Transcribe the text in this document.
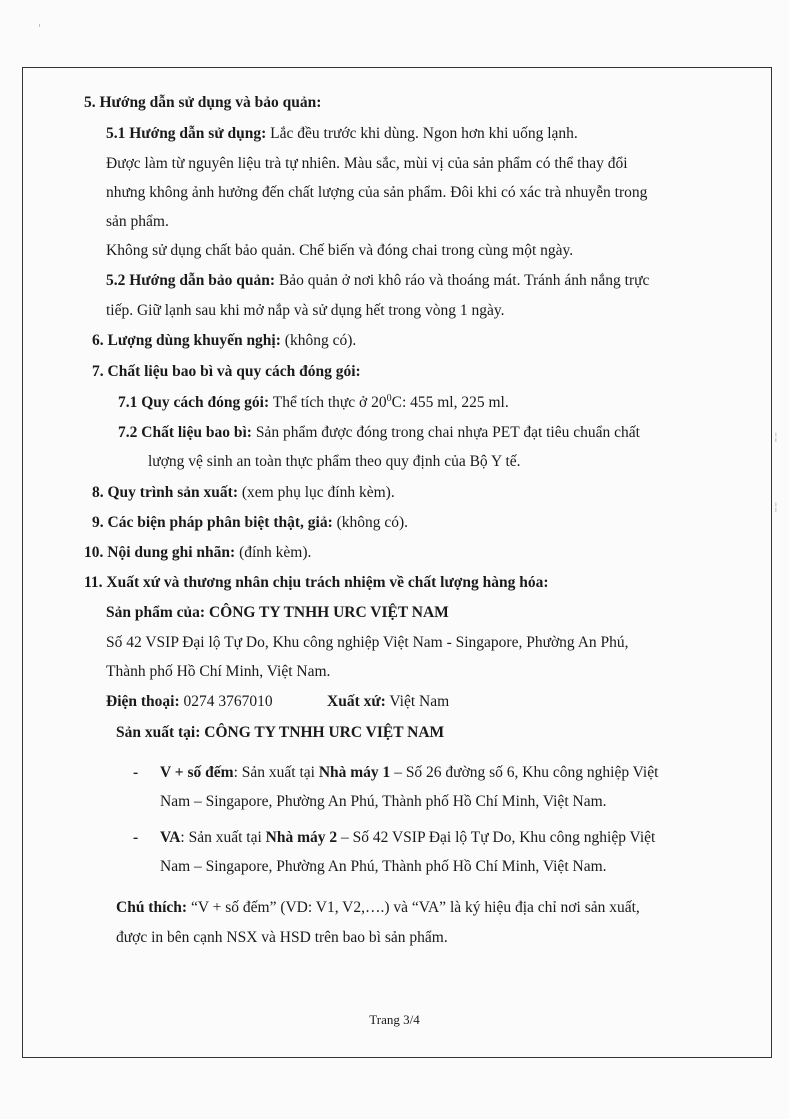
'
¦
¦
5. Hướng dẫn sử dụng và bảo quản:
5.1 Hướng dẫn sử dụng: Lắc đều trước khi dùng. Ngon hơn khi uống lạnh.
Được làm từ nguyên liệu trà tự nhiên. Màu sắc, mùi vị của sản phẩm có thể thay đổi
nhưng không ảnh hưởng đến chất lượng của sản phẩm. Đôi khi có xác trà nhuyễn trong
sản phẩm.
Không sử dụng chất bảo quản. Chế biến và đóng chai trong cùng một ngày.
5.2 Hướng dẫn bảo quản: Bảo quản ở nơi khô ráo và thoáng mát. Tránh ánh nắng trực
tiếp. Giữ lạnh sau khi mở nắp và sử dụng hết trong vòng 1 ngày.
6. Lượng dùng khuyến nghị: (không có).
7. Chất liệu bao bì và quy cách đóng gói:
7.1 Quy cách đóng gói: Thể tích thực ở $20^0C$: 455 ml, 225 ml.
7.2 Chất liệu bao bì: Sản phẩm được đóng trong chai nhựa PET đạt tiêu chuẩn chất
lượng vệ sinh an toàn thực phẩm theo quy định của Bộ Y tế.
8. Quy trình sản xuất: (xem phụ lục đính kèm).
9. Các biện pháp phân biệt thật, giả: (không có).
10. Nội dung ghi nhãn: (đính kèm).
11. Xuất xứ và thương nhân chịu trách nhiệm về chất lượng hàng hóa:
Sản phẩm của: CÔNG TY TNHH URC VIỆT NAM
Số 42 VSIP Đại lộ Tự Do, Khu công nghiệp Việt Nam - Singapore, Phường An Phú,
Thành phố Hồ Chí Minh, Việt Nam.
Điện thoại: 0274 3767010	Xuất xứ: Việt Nam
Sản xuất tại: CÔNG TY TNHH URC VIỆT NAM
- V + số đếm: Sản xuất tại Nhà máy 1 – Số 26 đường số 6, Khu công nghiệp Việt
Nam – Singapore, Phường An Phú, Thành phố Hồ Chí Minh, Việt Nam.
- VA: Sản xuất tại Nhà máy 2 – Số 42 VSIP Đại lộ Tự Do, Khu công nghiệp Việt
Nam – Singapore, Phường An Phú, Thành phố Hồ Chí Minh, Việt Nam.
Chú thích: “V + số đếm” (VD: V1, V2,….) và “VA” là ký hiệu địa chỉ nơi sản xuất,
được in bên cạnh NSX và HSD trên bao bì sản phẩm.
Trang 3/4
